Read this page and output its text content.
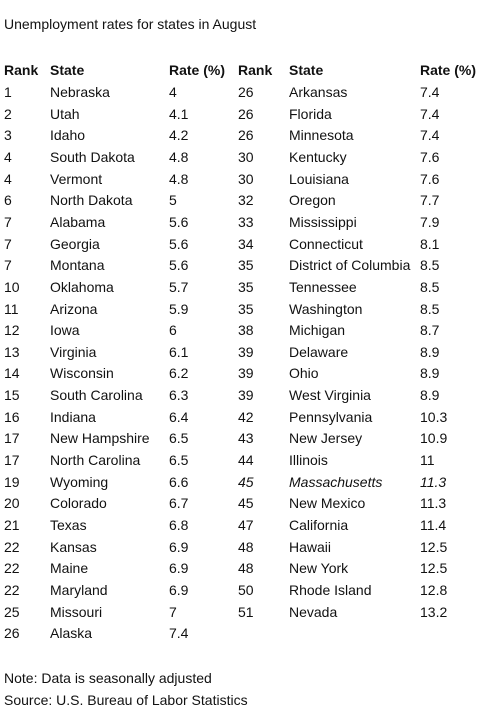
Unemployment rates for states in August
Rank State	Rate (%) Rank State	Rate (%)
1	Nebraska	4
2	Utah	4.1
3	Idaho	4.2
4	South Dakota 4.8
4	Vermont	4.8
6	North Dakota	5
7	Alabama	5.6
7	Georgia	5.6
7	Montana	5.6
10 Oklahoma	5.7
11 Arizona	5.9
12 Iowa	6
13 Virginia	6.1
14 Wisconsin	6.2
15 South Carolina 6.3
16 Indiana	6.4
17 New Hampshire 6.5
17 North Carolina 6.5
19 Wyoming	6.6
20 Colorado	6.7
21 Texas	6.8
22 Kansas	6.9
22 Maine	6.9
22 Maryland	6.9
25 Missouri	7
26 Alaska	7.4
26	Arkansas	7.4
26	Florida	7.4
26	Minnesota	7.4
30	Kentucky	7.6
30	Louisiana	7.6
32	Oregon	7.7
33	Mississippi	7.9
34	Connecticut	8.1
35	District of Columbia 8.5
35	Tennessee	8.5
35	Washington	8.5
38	Michigan	8.7
39	Delaware	8.9
39	Ohio	8.9
39	West Virginia	8.9
42	Pennsylvania	10.3
43	New Jersey	10.9
44	Illinois	11
45	Massachusetts	11.3
45	New Mexico	11.3
47	California	11.4
48	Hawaii	12.5
48	New York	12.5
50	Rhode Island	12.8
51	Nevada	13.2
Note: Data is seasonally adjusted
Source: U.S. Bureau of Labor Statistics
